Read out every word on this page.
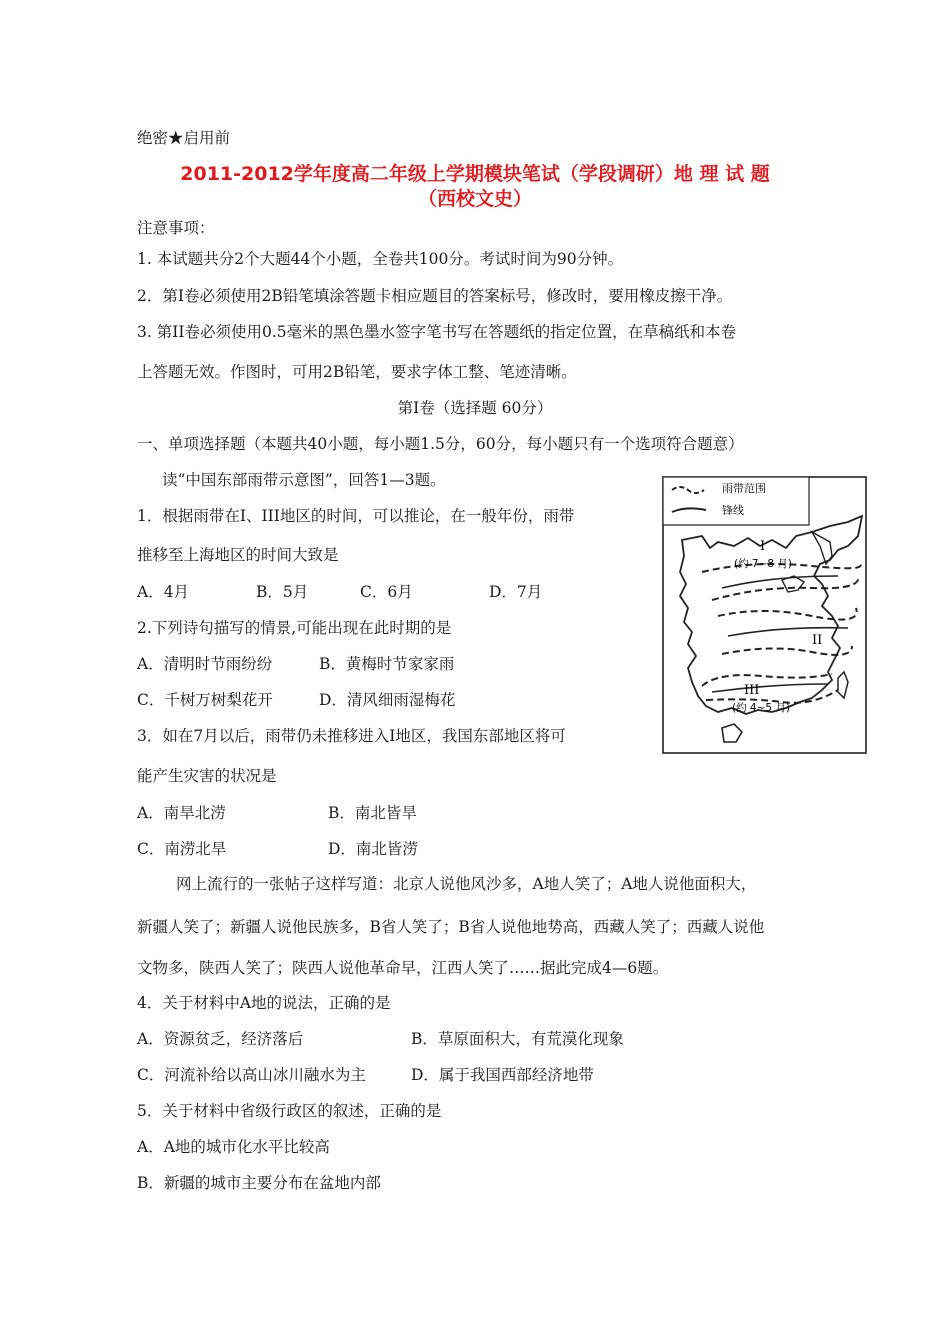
绝密★启用前
2011-2012学年度高二年级上学期模块笔试（学段调研）地 理 试 题
（西校文史）
注意事项：
1. 本试题共分2个大题44个小题，全卷共100分。考试时间为90分钟。
2．第I卷必须使用2B铅笔填涂答题卡相应题目的答案标号，修改时，要用橡皮擦干净。
3. 第II卷必须使用0.5毫米的黑色墨水签字笔书写在答题纸的指定位置，在草稿纸和本卷
上答题无效。作图时，可用2B铅笔，要求字体工整、笔迹清晰。
第I卷（选择题 60分）
一、单项选择题（本题共40小题，每小题1.5分，60分，每小题只有一个选项符合题意）
读“中国东部雨带示意图”，回答1—3题。
1．根据雨带在I、III地区的时间，可以推论，在一般年份，雨带
推移至上海地区的时间大致是
A．4月	B．5月	C．6月	D．7月
2.下列诗句描写的情景,可能出现在此时期的是
A．清明时节雨纷纷	B．黄梅时节家家雨
C．千树万树梨花开	D．清风细雨湿梅花
3．如在7月以后，雨带仍未推移进入I地区，我国东部地区将可
能产生灾害的状况是
A．南旱北涝	B．南北皆旱
C．南涝北旱	D．南北皆涝
雨带范围
锋线
I
(约 7~8 月)
II
III
(约 4~5 月)
网上流行的一张帖子这样写道：北京人说他风沙多，A地人笑了；A地人说他面积大，
新疆人笑了；新疆人说他民族多，B省人笑了；B省人说他地势高，西藏人笑了；西藏人说他
文物多，陕西人笑了；陕西人说他革命早，江西人笑了……据此完成4—6题。
4．关于材料中A地的说法，正确的是
A．资源贫乏，经济落后	B．草原面积大，有荒漠化现象
C．河流补给以高山冰川融水为主	D．属于我国西部经济地带
5．关于材料中省级行政区的叙述，正确的是
A．A地的城市化水平比较高
B．新疆的城市主要分布在盆地内部
